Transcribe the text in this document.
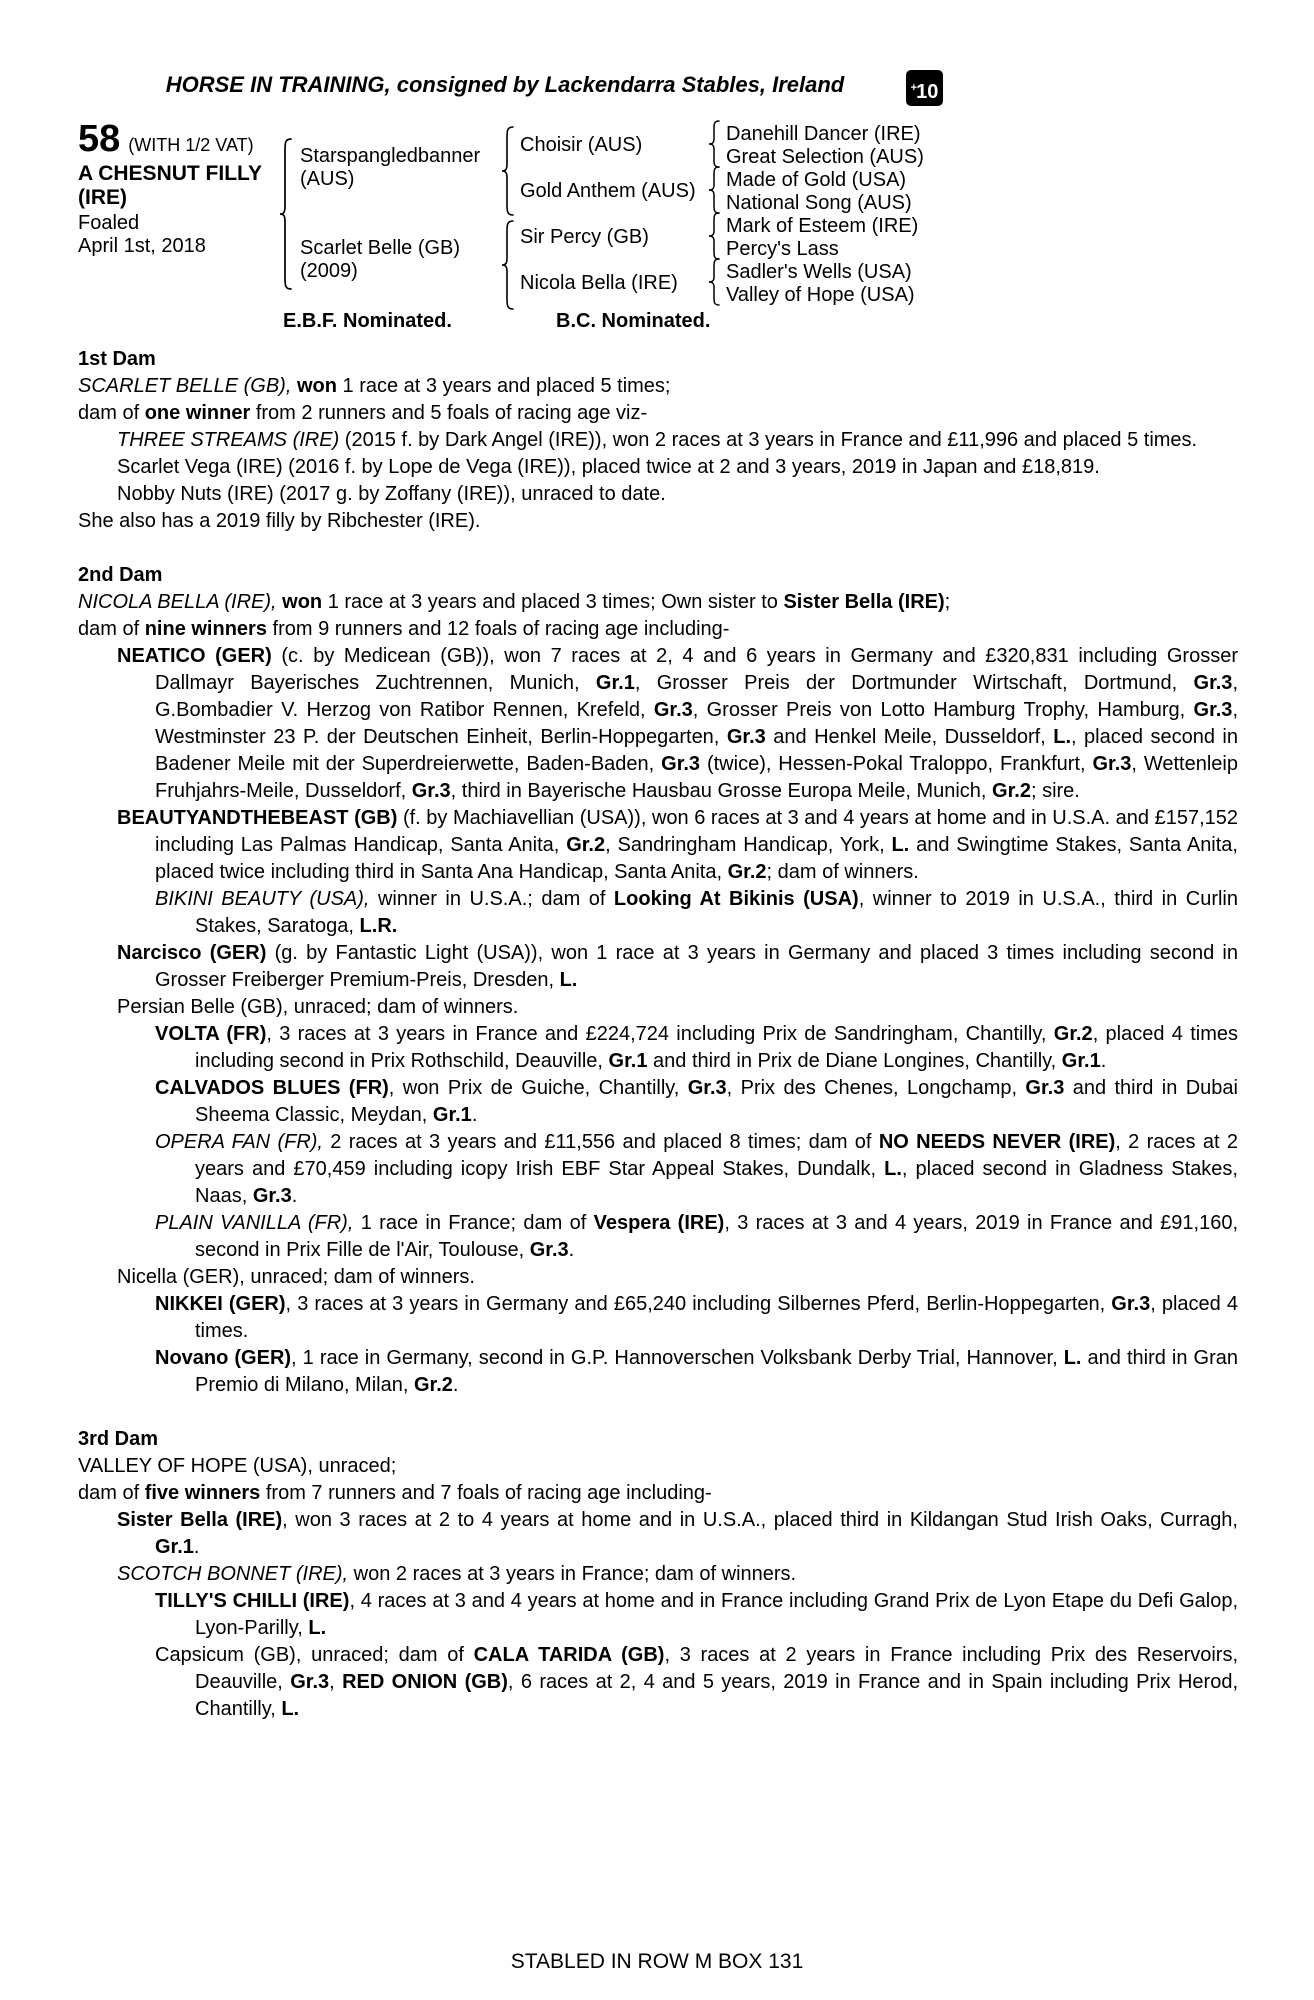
HORSE IN TRAINING, consigned by Lackendarra Stables, Ireland	+10
58 (WITH 1/2 VAT)
A CHESNUT FILLY
(IRE)
Foaled
April 1st, 2018
Starspangledbanner
(AUS)
Scarlet Belle (GB)
(2009)
Choisir (AUS)
Gold Anthem (AUS)
Sir Percy (GB)
Nicola Bella (IRE)
Danehill Dancer (IRE)
Great Selection (AUS)
Made of Gold (USA)
National Song (AUS)
Mark of Esteem (IRE)
Percy's Lass
Sadler's Wells (USA)
Valley of Hope (USA)
E.B.F. Nominated.	B.C. Nominated.
1st Dam

SCARLET BELLE (GB), won 1 race at 3 years and placed 5 times;

dam of one winner from 2 runners and 5 foals of racing age viz-

THREE STREAMS (IRE) (2015 f. by Dark Angel (IRE)), won 2 races at 3 years in France and £11,996 and placed 5 times.

Scarlet Vega (IRE) (2016 f. by Lope de Vega (IRE)), placed twice at 2 and 3 years, 2019 in Japan and £18,819.

Nobby Nuts (IRE) (2017 g. by Zoffany (IRE)), unraced to date.

She also has a 2019 filly by Ribchester (IRE).

2nd Dam

NICOLA BELLA (IRE), won 1 race at 3 years and placed 3 times; Own sister to Sister Bella (IRE);

dam of nine winners from 9 runners and 12 foals of racing age including-

NEATICO (GER) (c. by Medicean (GB)), won 7 races at 2, 4 and 6 years in Germany and £320,831 including Grosser Dallmayr Bayerisches Zuchtrennen, Munich, Gr.1, Grosser Preis der Dortmunder Wirtschaft, Dortmund, Gr.3, G.Bombadier V. Herzog von Ratibor Rennen, Krefeld, Gr.3, Grosser Preis von Lotto Hamburg Trophy, Hamburg, Gr.3, Westminster 23 P. der Deutschen Einheit, Berlin-Hoppegarten, Gr.3 and Henkel Meile, Dusseldorf, L., placed second in Badener Meile mit der Superdreierwette, Baden-Baden, Gr.3 (twice), Hessen-Pokal Traloppo, Frankfurt, Gr.3, Wettenleip Fruhjahrs-Meile, Dusseldorf, Gr.3, third in Bayerische Hausbau Grosse Europa Meile, Munich, Gr.2; sire.

BEAUTYANDTHEBEAST (GB) (f. by Machiavellian (USA)), won 6 races at 3 and 4 years at home and in U.S.A. and £157,152 including Las Palmas Handicap, Santa Anita, Gr.2, Sandringham Handicap, York, L. and Swingtime Stakes, Santa Anita, placed twice including third in Santa Ana Handicap, Santa Anita, Gr.2; dam of winners.

BIKINI BEAUTY (USA), winner in U.S.A.; dam of Looking At Bikinis (USA), winner to 2019 in U.S.A., third in Curlin Stakes, Saratoga, L.R.

Narcisco (GER) (g. by Fantastic Light (USA)), won 1 race at 3 years in Germany and placed 3 times including second in Grosser Freiberger Premium-Preis, Dresden, L.

Persian Belle (GB), unraced; dam of winners.

VOLTA (FR), 3 races at 3 years in France and £224,724 including Prix de Sandringham, Chantilly, Gr.2, placed 4 times including second in Prix Rothschild, Deauville, Gr.1 and third in Prix de Diane Longines, Chantilly, Gr.1.

CALVADOS BLUES (FR), won Prix de Guiche, Chantilly, Gr.3, Prix des Chenes, Longchamp, Gr.3 and third in Dubai Sheema Classic, Meydan, Gr.1.

OPERA FAN (FR), 2 races at 3 years and £11,556 and placed 8 times; dam of NO NEEDS NEVER (IRE), 2 races at 2 years and £70,459 including icopy Irish EBF Star Appeal Stakes, Dundalk, L., placed second in Gladness Stakes, Naas, Gr.3.

PLAIN VANILLA (FR), 1 race in France; dam of Vespera (IRE), 3 races at 3 and 4 years, 2019 in France and £91,160, second in Prix Fille de l'Air, Toulouse, Gr.3.

Nicella (GER), unraced; dam of winners.

NIKKEI (GER), 3 races at 3 years in Germany and £65,240 including Silbernes Pferd, Berlin-Hoppegarten, Gr.3, placed 4 times.

Novano (GER), 1 race in Germany, second in G.P. Hannoverschen Volksbank Derby Trial, Hannover, L. and third in Gran Premio di Milano, Milan, Gr.2.

3rd Dam

VALLEY OF HOPE (USA), unraced;

dam of five winners from 7 runners and 7 foals of racing age including-

Sister Bella (IRE), won 3 races at 2 to 4 years at home and in U.S.A., placed third in Kildangan Stud Irish Oaks, Curragh, Gr.1.

SCOTCH BONNET (IRE), won 2 races at 3 years in France; dam of winners.

TILLY'S CHILLI (IRE), 4 races at 3 and 4 years at home and in France including Grand Prix de Lyon Etape du Defi Galop, Lyon-Parilly, L.

Capsicum (GB), unraced; dam of CALA TARIDA (GB), 3 races at 2 years in France including Prix des Reservoirs, Deauville, Gr.3, RED ONION (GB), 6 races at 2, 4 and 5 years, 2019 in France and in Spain including Prix Herod, Chantilly, L.

STABLED IN ROW M BOX 131
